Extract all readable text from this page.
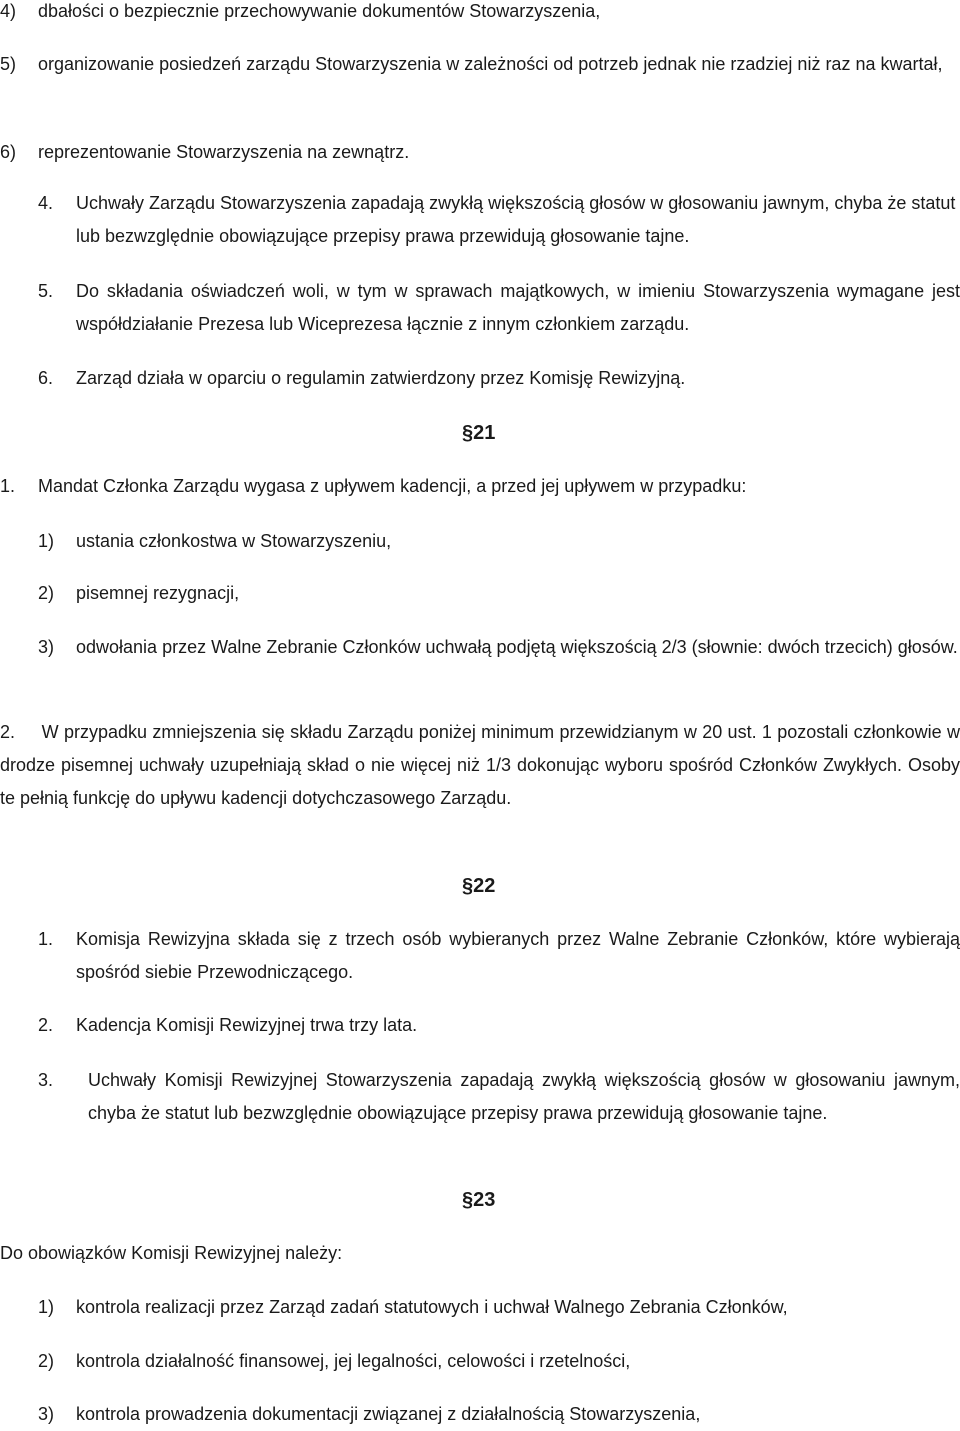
4)	dbałości o bezpiecznie przechowywanie dokumentów Stowarzyszenia,
5)	organizowanie posiedzeń zarządu Stowarzyszenia w zależności od potrzeb jednak nie rzadziej niż raz na kwartał,
6)	reprezentowanie Stowarzyszenia na zewnątrz.
4.	Uchwały Zarządu Stowarzyszenia zapadają zwykłą większością głosów w głosowaniu jawnym, chyba że statut lub bezwzględnie obowiązujące przepisy prawa przewidują głosowanie tajne.
5.	Do składania oświadczeń woli, w tym w sprawach majątkowych, w imieniu Stowarzyszenia wymagane jest współdziałanie Prezesa lub Wiceprezesa łącznie z innym członkiem zarządu.
6.	Zarząd działa w oparciu o regulamin zatwierdzony przez Komisję Rewizyjną.
§21
1.	Mandat Członka Zarządu wygasa z upływem kadencji, a przed jej upływem w przypadku:
1)	ustania członkostwa w Stowarzyszeniu,
2)	pisemnej rezygnacji,
3)	odwołania przez Walne Zebranie Członków uchwałą podjętą większością 2/3 (słownie: dwóch trzecich) głosów.
2. W przypadku zmniejszenia się składu Zarządu poniżej minimum przewidzianym w 20 ust. 1 pozostali członkowie w drodze pisemnej uchwały uzupełniają skład o nie więcej niż 1/3 dokonując wyboru spośród Członków Zwykłych. Osoby te pełnią funkcję do upływu kadencji dotychczasowego Zarządu.
§22
1.	Komisja Rewizyjna składa się z trzech osób wybieranych przez Walne Zebranie Członków, które wybierają spośród siebie Przewodniczącego.
2.	Kadencja Komisji Rewizyjnej trwa trzy lata.
3.	Uchwały Komisji Rewizyjnej Stowarzyszenia zapadają zwykłą większością głosów w głosowaniu jawnym, chyba że statut lub bezwzględnie obowiązujące przepisy prawa przewidują głosowanie tajne.
§23
Do obowiązków Komisji Rewizyjnej należy:
1)	kontrola realizacji przez Zarząd zadań statutowych i uchwał Walnego Zebrania Członków,
2)	kontrola działalność finansowej, jej legalności, celowości i rzetelności,
3)	kontrola prowadzenia dokumentacji związanej z działalnością Stowarzyszenia,
